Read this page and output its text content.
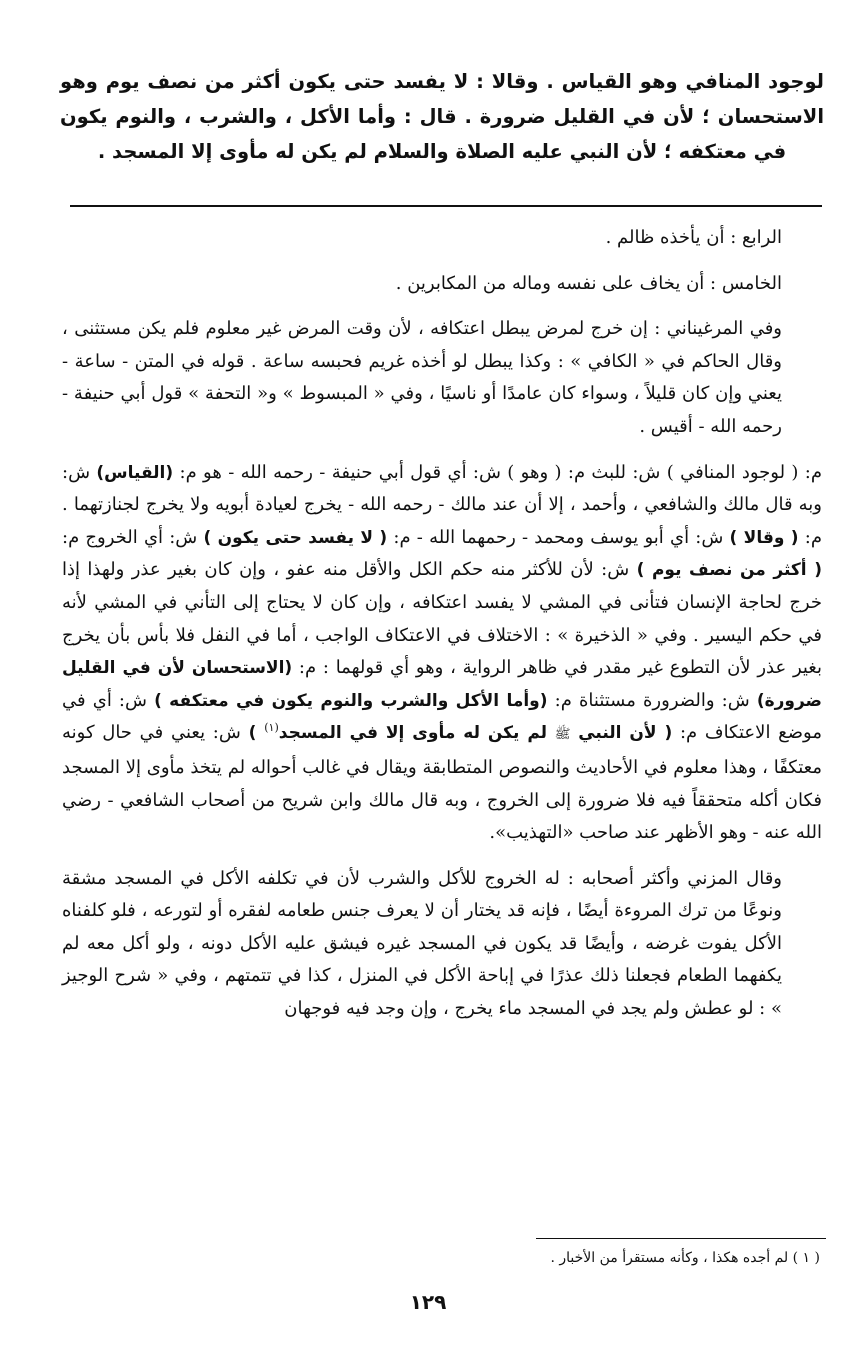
لوجود المنافي وهو القياس . وقالا : لا يفسد حتى يكون أكثر من نصف يوم وهو الاستحسان ؛ لأن في القليل ضرورة . قال : وأما الأكل ، والشرب ، والنوم يكون في معتكفه ؛ لأن النبي عليه الصلاة والسلام لم يكن له مأوى إلا المسجد .

الرابع : أن يأخذه ظالم .

الخامس : أن يخاف على نفسه وماله من المكابرين .

وفي المرغيناني : إن خرج لمرض يبطل اعتكافه ، لأن وقت المرض غير معلوم فلم يكن مستثنى ، وقال الحاكم في « الكافي » : وكذا يبطل لو أخذه غريم فحبسه ساعة . قوله في المتن - ساعة - يعني وإن كان قليلاً ، وسواء كان عامدًا أو ناسيًا ، وفي « المبسوط » و« التحفة » قول أبي حنيفة - رحمه الله - أقيس .

م: ( لوجود المنافي ) ش: للبث م: ( وهو ) ش: أي قول أبي حنيفة - رحمه الله - هو م: (القياس) ش: وبه قال مالك والشافعي ، وأحمد ، إلا أن عند مالك - رحمه الله - يخرج لعيادة أبويه ولا يخرج لجنازتهما . م: ( وقالا ) ش: أي أبو يوسف ومحمد - رحمهما الله - م: ( لا يفسد حتى يكون ) ش: أي الخروج م: ( أكثر من نصف يوم ) ش: لأن للأكثر منه حكم الكل والأقل منه عفو ، وإن كان بغير عذر ولهذا إذا خرج لحاجة الإنسان فتأنى في المشي لا يفسد اعتكافه ، وإن كان لا يحتاج إلى التأني في المشي لأنه في حكم اليسير . وفي « الذخيرة » : الاختلاف في الاعتكاف الواجب ، أما في النفل فلا بأس بأن يخرج بغير عذر لأن التطوع غير مقدر في ظاهر الرواية ، وهو أي قولهما : م: (الاستحسان لأن في القليل ضرورة) ش: والضرورة مستثناة م: (وأما الأكل والشرب والنوم يكون في معتكفه ) ش: أي في موضع الاعتكاف م: ( لأن النبي ﷺ لم يكن له مأوى إلا في المسجد$^{(١)}$ ) ش: يعني في حال كونه معتكفًا ، وهذا معلوم في الأحاديث والنصوص المتطابقة ويقال في غالب أحواله لم يتخذ مأوى إلا المسجد فكان أكله متحققاً فيه فلا ضرورة إلى الخروج ، وبه قال مالك وابن شريح من أصحاب الشافعي - رضي الله عنه - وهو الأظهر عند صاحب «التهذيب».

وقال المزني وأكثر أصحابه : له الخروج للأكل والشرب لأن في تكلفه الأكل في المسجد مشقة ونوعًا من ترك المروءة أيضًا ، فإنه قد يختار أن لا يعرف جنس طعامه لفقره أو لتورعه ، فلو كلفناه الأكل يفوت غرضه ، وأيضًا قد يكون في المسجد غيره فيشق عليه الأكل دونه ، ولو أكل معه لم يكفهما الطعام فجعلنا ذلك عذرًا في إباحة الأكل في المنزل ، كذا في تتمتهم ، وفي « شرح الوجيز » : لو عطش ولم يجد في المسجد ماء يخرج ، وإن وجد فيه فوجهان

( ١ ) لم أجده هكذا ، وكأنه مستقرأ من الأخبار .

١٢٩
